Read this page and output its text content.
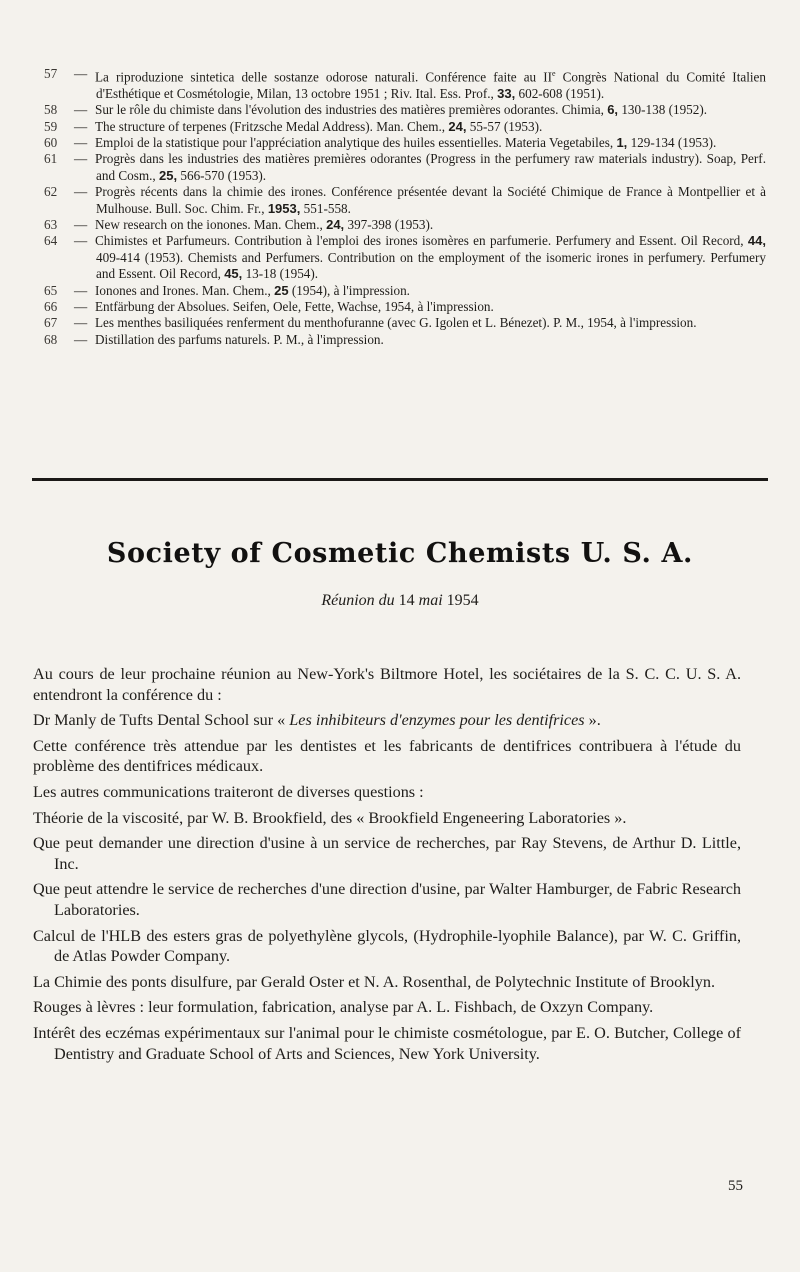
57	— La riproduzione sintetica delle sostanze odorose naturali. Conférence faite au IIe Congrès National du Comité Italien d'Esthétique et Cosmétologie, Milan, 13 octobre 1951 ; Riv. Ital. Ess. Prof., 33, 602-608 (1951).
58	— Sur le rôle du chimiste dans l'évolution des industries des matières premières odorantes. Chimia, 6, 130-138 (1952).
59	— The structure of terpenes (Fritzsche Medal Address). Man. Chem., 24, 55-57 (1953).
60	— Emploi de la statistique pour l'appréciation analytique des huiles essentielles. Materia Vegetabiles, 1, 129-134 (1953).
61	— Progrès dans les industries des matières premières odorantes (Progress in the perfumery raw materials industry). Soap, Perf. and Cosm., 25, 566-570 (1953).
62	— Progrès récents dans la chimie des irones. Conférence présentée devant la Société Chimique de France à Montpellier et à Mulhouse. Bull. Soc. Chim. Fr., 1953, 551-558.
63	— New research on the ionones. Man. Chem., 24, 397-398 (1953).
64	— Chimistes et Parfumeurs. Contribution à l'emploi des irones isomères en parfumerie. Perfumery and Essent. Oil Record, 44, 409-414 (1953). Chemists and Perfumers. Contribution on the employment of the isomeric irones in perfumery. Perfumery and Essent. Oil Record, 45, 13-18 (1954).
65	— Ionones and Irones. Man. Chem., 25 (1954), à l'impression.
66	— Entfärbung der Absolues. Seifen, Oele, Fette, Wachse, 1954, à l'impression.
67	— Les menthes basiliquées renferment du menthofuranne (avec G. Igolen et L. Bénezet). P. M., 1954, à l'impression.
68	— Distillation des parfums naturels. P. M., à l'impression.
Society of Cosmetic Chemists U. S. A.
Réunion du 14 mai 1954

Au cours de leur prochaine réunion au New-York's Biltmore Hotel, les sociétaires de la S. C. C. U. S. A. entendront la conférence du :

Dr Manly de Tufts Dental School sur « Les inhibiteurs d'enzymes pour les dentifrices ».

Cette conférence très attendue par les dentistes et les fabricants de dentifrices contribuera à l'étude du problème des dentifrices médicaux.

Les autres communications traiteront de diverses questions :

Théorie de la viscosité, par W. B. Brookfield, des « Brookfield Engeneering Laboratories ».

Que peut demander une direction d'usine à un service de recherches, par Ray Stevens, de Arthur D. Little, Inc.

Que peut attendre le service de recherches d'une direction d'usine, par Walter Hamburger, de Fabric Research Laboratories.

Calcul de l'HLB des esters gras de polyethylène glycols, (Hydrophile-lyophile Balance), par W. C. Griffin, de Atlas Powder Company.

La Chimie des ponts disulfure, par Gerald Oster et N. A. Rosenthal, de Polytechnic Institute of Brooklyn.

Rouges à lèvres : leur formulation, fabrication, analyse par A. L. Fishbach, de Oxzyn Company.

Intérêt des eczémas expérimentaux sur l'animal pour le chimiste cosmétologue, par E. O. Butcher, College of Dentistry and Graduate School of Arts and Sciences, New York University.

55
